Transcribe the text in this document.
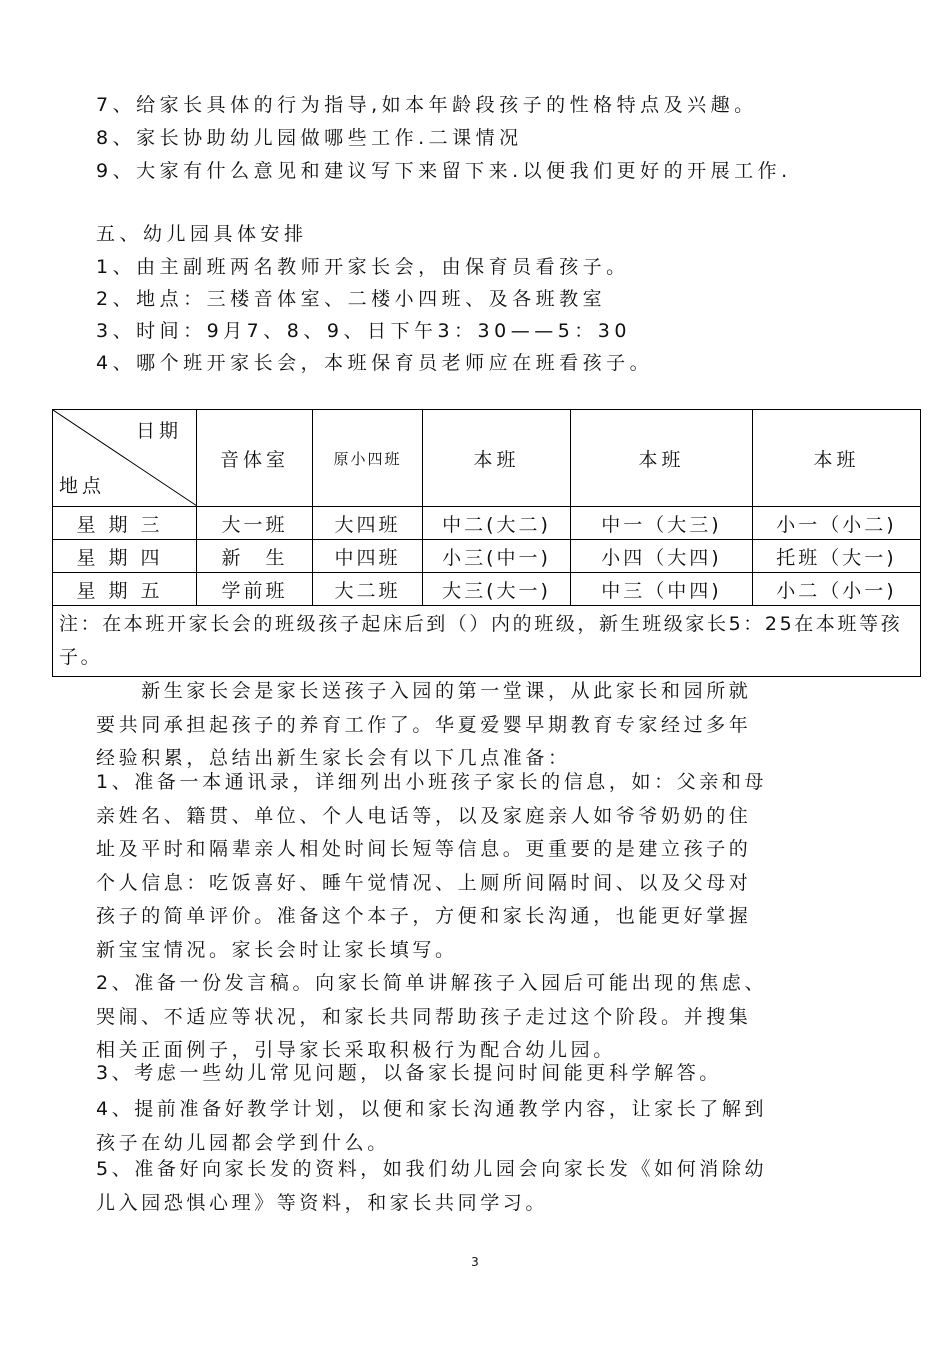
7、给家长具体的行为指导,如本年龄段孩子的性格特点及兴趣。
8、家长协助幼儿园做哪些工作.二课情况
9、大家有什么意见和建议写下来留下来.以便我们更好的开展工作.
五、幼儿园具体安排
1、由主副班两名教师开家长会，由保育员看孩子。
2、地点：三楼音体室、二楼小四班、及各班教室
3、时间：9月7、8、9、日下午3：30——5：30
4、哪个班开家长会，本班保育员老师应在班看孩子。
日期
地点	音体室	原小四班	本班	本班	本班
星期三	大一班	大四班	中二(大二)	中一（大三)	小一（小二)
星期四	新　生	中四班	小三(中一)	小四（大四)	托班（大一)
星期五	学前班	大二班	大三(大一)	中三（中四)	小二（小一)
注：在本班开家长会的班级孩子起床后到（）内的班级，新生班级家长5：25在本班等孩子。					
　　新生家长会是家长送孩子入园的第一堂课，从此家长和园所就
要共同承担起孩子的养育工作了。华夏爱婴早期教育专家经过多年
经验积累，总结出新生家长会有以下几点准备：
1、准备一本通讯录，详细列出小班孩子家长的信息，如：父亲和母
亲姓名、籍贯、单位、个人电话等，以及家庭亲人如爷爷奶奶的住
址及平时和隔辈亲人相处时间长短等信息。更重要的是建立孩子的
个人信息：吃饭喜好、睡午觉情况、上厕所间隔时间、以及父母对
孩子的简单评价。准备这个本子，方便和家长沟通，也能更好掌握
新宝宝情况。家长会时让家长填写。
2、准备一份发言稿。向家长简单讲解孩子入园后可能出现的焦虑、
哭闹、不适应等状况，和家长共同帮助孩子走过这个阶段。并搜集
相关正面例子，引导家长采取积极行为配合幼儿园。
3、考虑一些幼儿常见问题，以备家长提问时间能更科学解答。
4、提前准备好教学计划，以便和家长沟通教学内容，让家长了解到
孩子在幼儿园都会学到什么。
5、准备好向家长发的资料，如我们幼儿园会向家长发《如何消除幼
儿入园恐惧心理》等资料，和家长共同学习。
3
